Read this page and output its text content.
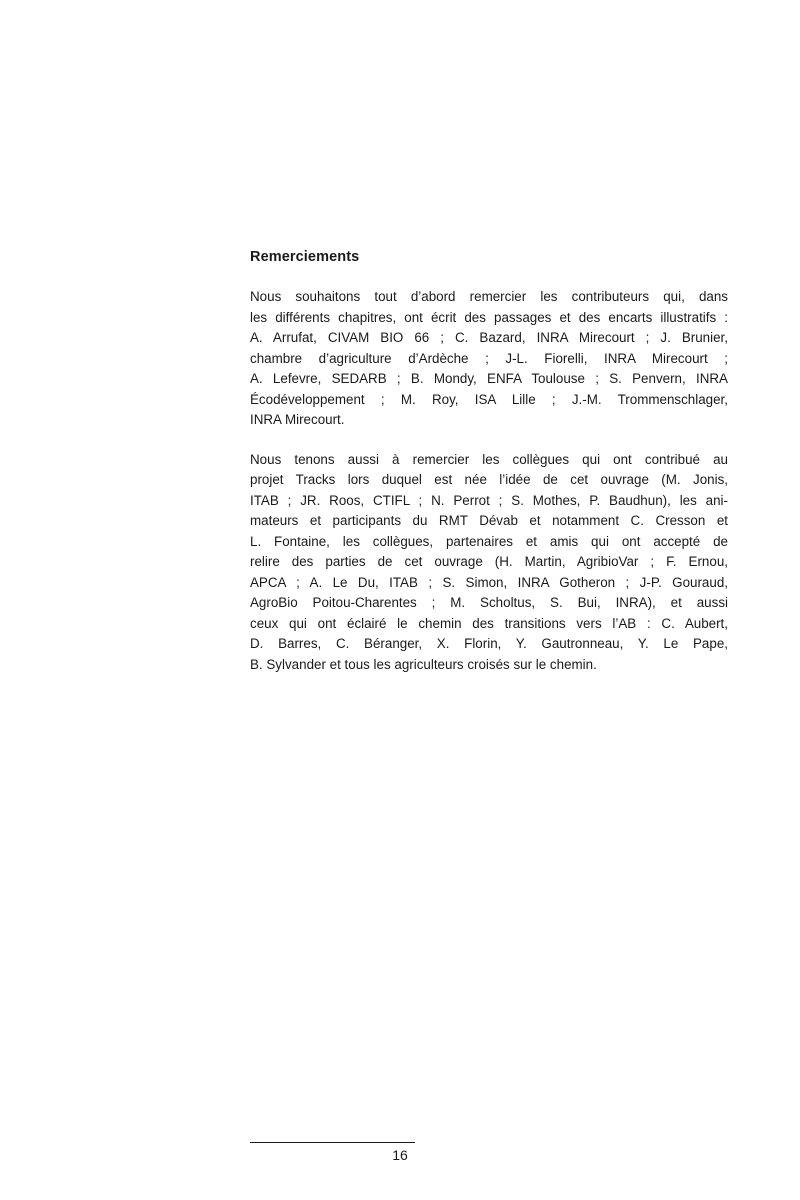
Remerciements
Nous souhaitons tout d’abord remercier les contributeurs qui, dans
les différents chapitres, ont écrit des passages et des encarts illustratifs :
A. Arrufat, CIVAM BIO 66 ; C. Bazard, INRA Mirecourt ; J. Brunier,
chambre d’agriculture d’Ardèche ; J-L. Fiorelli, INRA Mirecourt ;
A. Lefevre, SEDARB ; B. Mondy, ENFA Toulouse ; S. Penvern, INRA
Écodéveloppement ; M. Roy, ISA Lille ; J.-M. Trommenschlager,
INRA Mirecourt.
Nous tenons aussi à remercier les collègues qui ont contribué au
projet Tracks lors duquel est née l’idée de cet ouvrage (M. Jonis,
ITAB ; JR. Roos, CTIFL ; N. Perrot ; S. Mothes, P. Baudhun), les ani-
mateurs et participants du RMT Dévab et notamment C. Cresson et
L. Fontaine, les collègues, partenaires et amis qui ont accepté de
relire des parties de cet ouvrage (H. Martin, AgribioVar ; F. Ernou,
APCA ; A. Le Du, ITAB ; S. Simon, INRA Gotheron ; J-P. Gouraud,
AgroBio Poitou-Charentes ; M. Scholtus, S. Bui, INRA), et aussi
ceux qui ont éclairé le chemin des transitions vers l’AB : C. Aubert,
D. Barres, C. Béranger, X. Florin, Y. Gautronneau, Y. Le Pape,
B. Sylvander et tous les agriculteurs croisés sur le chemin.
16
